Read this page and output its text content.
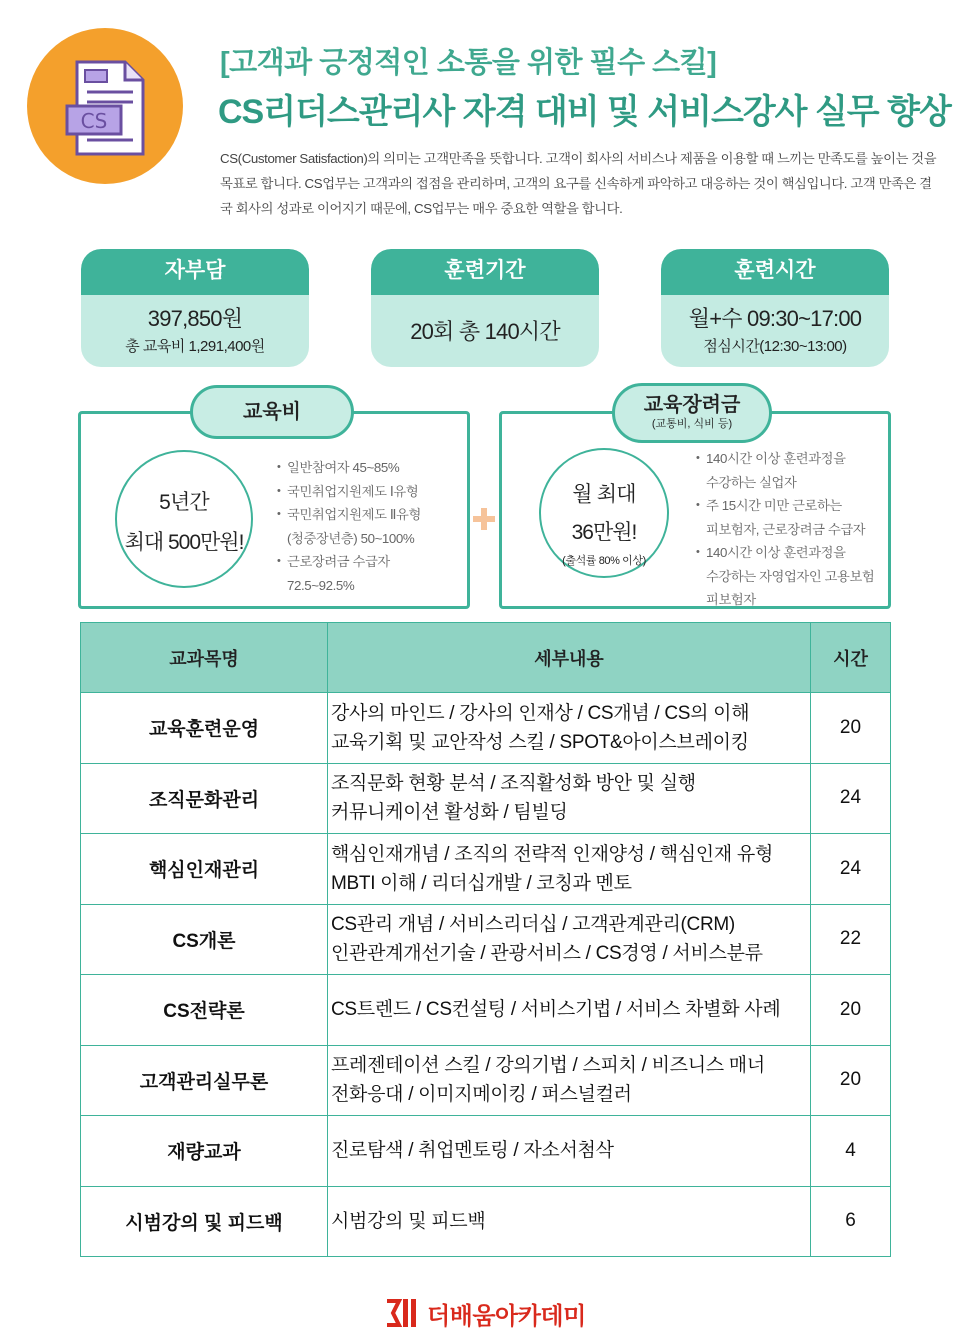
CS
[고객과 긍정적인 소통을 위한 필수 스킬]
CS리더스관리사 자격 대비 및 서비스강사 실무 향상
CS(Customer Satisfaction)의 의미는 고객만족을 뜻합니다. 고객이 회사의 서비스나 제품을 이용할 때 느끼는 만족도를 높이는 것을 목표로 합니다. CS업무는 고객과의 접점을 관리하며, 고객의 요구를 신속하게 파악하고 대응하는 것이 핵심입니다. 고객 만족은 결국 회사의 성과로 이어지기 때문에, CS업무는 매우 중요한 역할을 합니다.
자부담
397,850원
총 교육비 1,291,400원
훈련기간
20회 총 140시간
훈련시간
월+수 09:30~17:00
점심시간(12:30~13:00)
5년간
최대 500만원!
• 일반참여자 45~85%
• 국민취업지원제도 Ⅰ유형
• 국민취업지원제도 Ⅱ유형
(청중장년층) 50~100%
• 근로장려금 수급자
72.5~92.5%
교육비
월 최대
36만원!
(출석률 80% 이상)
• 140시간 이상 훈련과정을
수강하는 실업자
• 주 15시간 미만 근로하는
피보험자, 근로장려금 수급자
• 140시간 이상 훈련과정을
수강하는 자영업자인 고용보험
피보험자
교육장려금
(교통비, 식비 등)
교과목명	세부내용	시간
교육훈련운영	강사의 마인드 / 강사의 인재상 / CS개념 / CS의 이해
교육기획 및 교안작성 스킬 / SPOT&아이스브레이킹	20
조직문화관리	조직문화 현황 분석 / 조직활성화 방안 및 실행
커뮤니케이션 활성화 / 팀빌딩	24
핵심인재관리	핵심인재개념 / 조직의 전략적 인재양성 / 핵심인재 유형
MBTI 이해 / 리더십개발 / 코칭과 멘토	24
CS개론	CS관리 개념 / 서비스리더십 / 고객관계관리(CRM)
인관관계개선기술 / 관광서비스 / CS경영 / 서비스분류	22
CS전략론	CS트렌드 / CS컨설팅 / 서비스기법 / 서비스 차별화 사례	20
고객관리실무론	프레젠테이션 스킬 / 강의기법 / 스피치 / 비즈니스 매너
전화응대 / 이미지메이킹 / 퍼스널컬러	20
재량교과	진로탐색 / 취업멘토링 / 자소서첨삭	4
시범강의 및 피드백	시범강의 및 피드백	6
더배움아카데미
